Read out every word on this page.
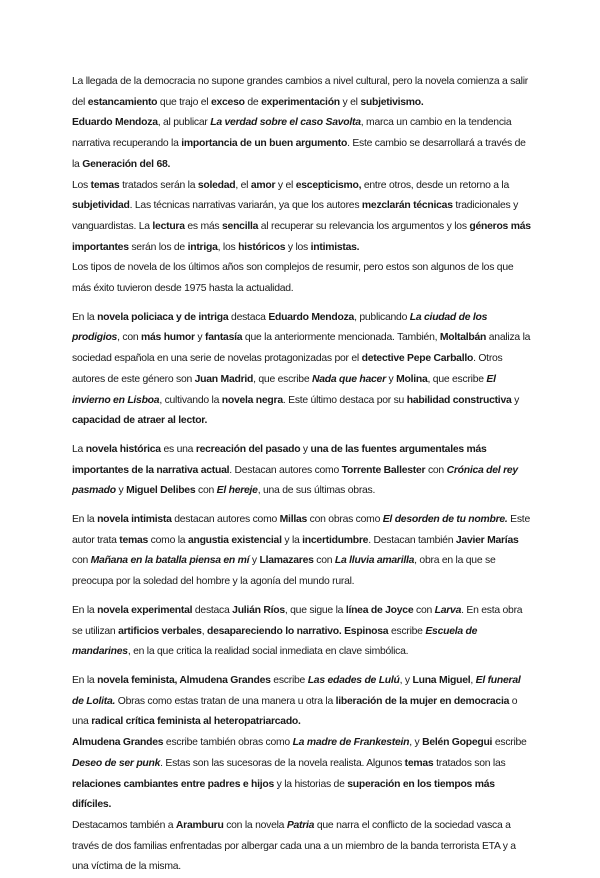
La llegada de la democracia no supone grandes cambios a nivel cultural, pero la novela comienza a salir del estancamiento que trajo el exceso de experimentación y el subjetivismo.

Eduardo Mendoza, al publicar La verdad sobre el caso Savolta, marca un cambio en la tendencia narrativa recuperando la importancia de un buen argumento. Este cambio se desarrollará a través de la Generación del 68.

Los temas tratados serán la soledad, el amor y el escepticismo, entre otros, desde un retorno a la subjetividad. Las técnicas narrativas variarán, ya que los autores mezclarán técnicas tradicionales y vanguardistas. La lectura es más sencilla al recuperar su relevancia los argumentos y los géneros más importantes serán los de intriga, los históricos y los intimistas.

Los tipos de novela de los últimos años son complejos de resumir, pero estos son algunos de los que más éxito tuvieron desde 1975 hasta la actualidad.

En la novela policiaca y de intriga destaca Eduardo Mendoza, publicando La ciudad de los prodigios, con más humor y fantasía que la anteriormente mencionada. También, Moltalbán analiza la sociedad española en una serie de novelas protagonizadas por el detective Pepe Carballo. Otros autores de este género son Juan Madrid, que escribe Nada que hacer y Molina, que escribe El invierno en Lisboa, cultivando la novela negra. Este último destaca por su habilidad constructiva y capacidad de atraer al lector.

La novela histórica es una recreación del pasado y una de las fuentes argumentales más importantes de la narrativa actual. Destacan autores como Torrente Ballester con Crónica del rey pasmado y Miguel Delibes con El hereje, una de sus últimas obras.

En la novela intimista destacan autores como Millas con obras como El desorden de tu nombre. Este autor trata temas como la angustia existencial y la incertidumbre. Destacan también Javier Marías con Mañana en la batalla piensa en mí y Llamazares con La lluvia amarilla, obra en la que se preocupa por la soledad del hombre y la agonía del mundo rural.

En la novela experimental destaca Julián Ríos, que sigue la línea de Joyce con Larva. En esta obra se utilizan artificios verbales, desapareciendo lo narrativo. Espinosa escribe Escuela de mandarines, en la que critica la realidad social inmediata en clave simbólica.

En la novela feminista, Almudena Grandes escribe Las edades de Lulú, y Luna Miguel, El funeral de Lolita. Obras como estas tratan de una manera u otra la liberación de la mujer en democracia o una radical crítica feminista al heteropatriarcado.

Almudena Grandes escribe también obras como La madre de Frankestein, y Belén Gopegui escribe Deseo de ser punk. Estas son las sucesoras de la novela realista. Algunos temas tratados son las relaciones cambiantes entre padres e hijos y la historias de superación en los tiempos más difíciles.

Destacamos también a Aramburu con la novela Patria que narra el conflicto de la sociedad vasca a través de dos familias enfrentadas por albergar cada una a un miembro de la banda terrorista ETA y a una víctima de la misma.
